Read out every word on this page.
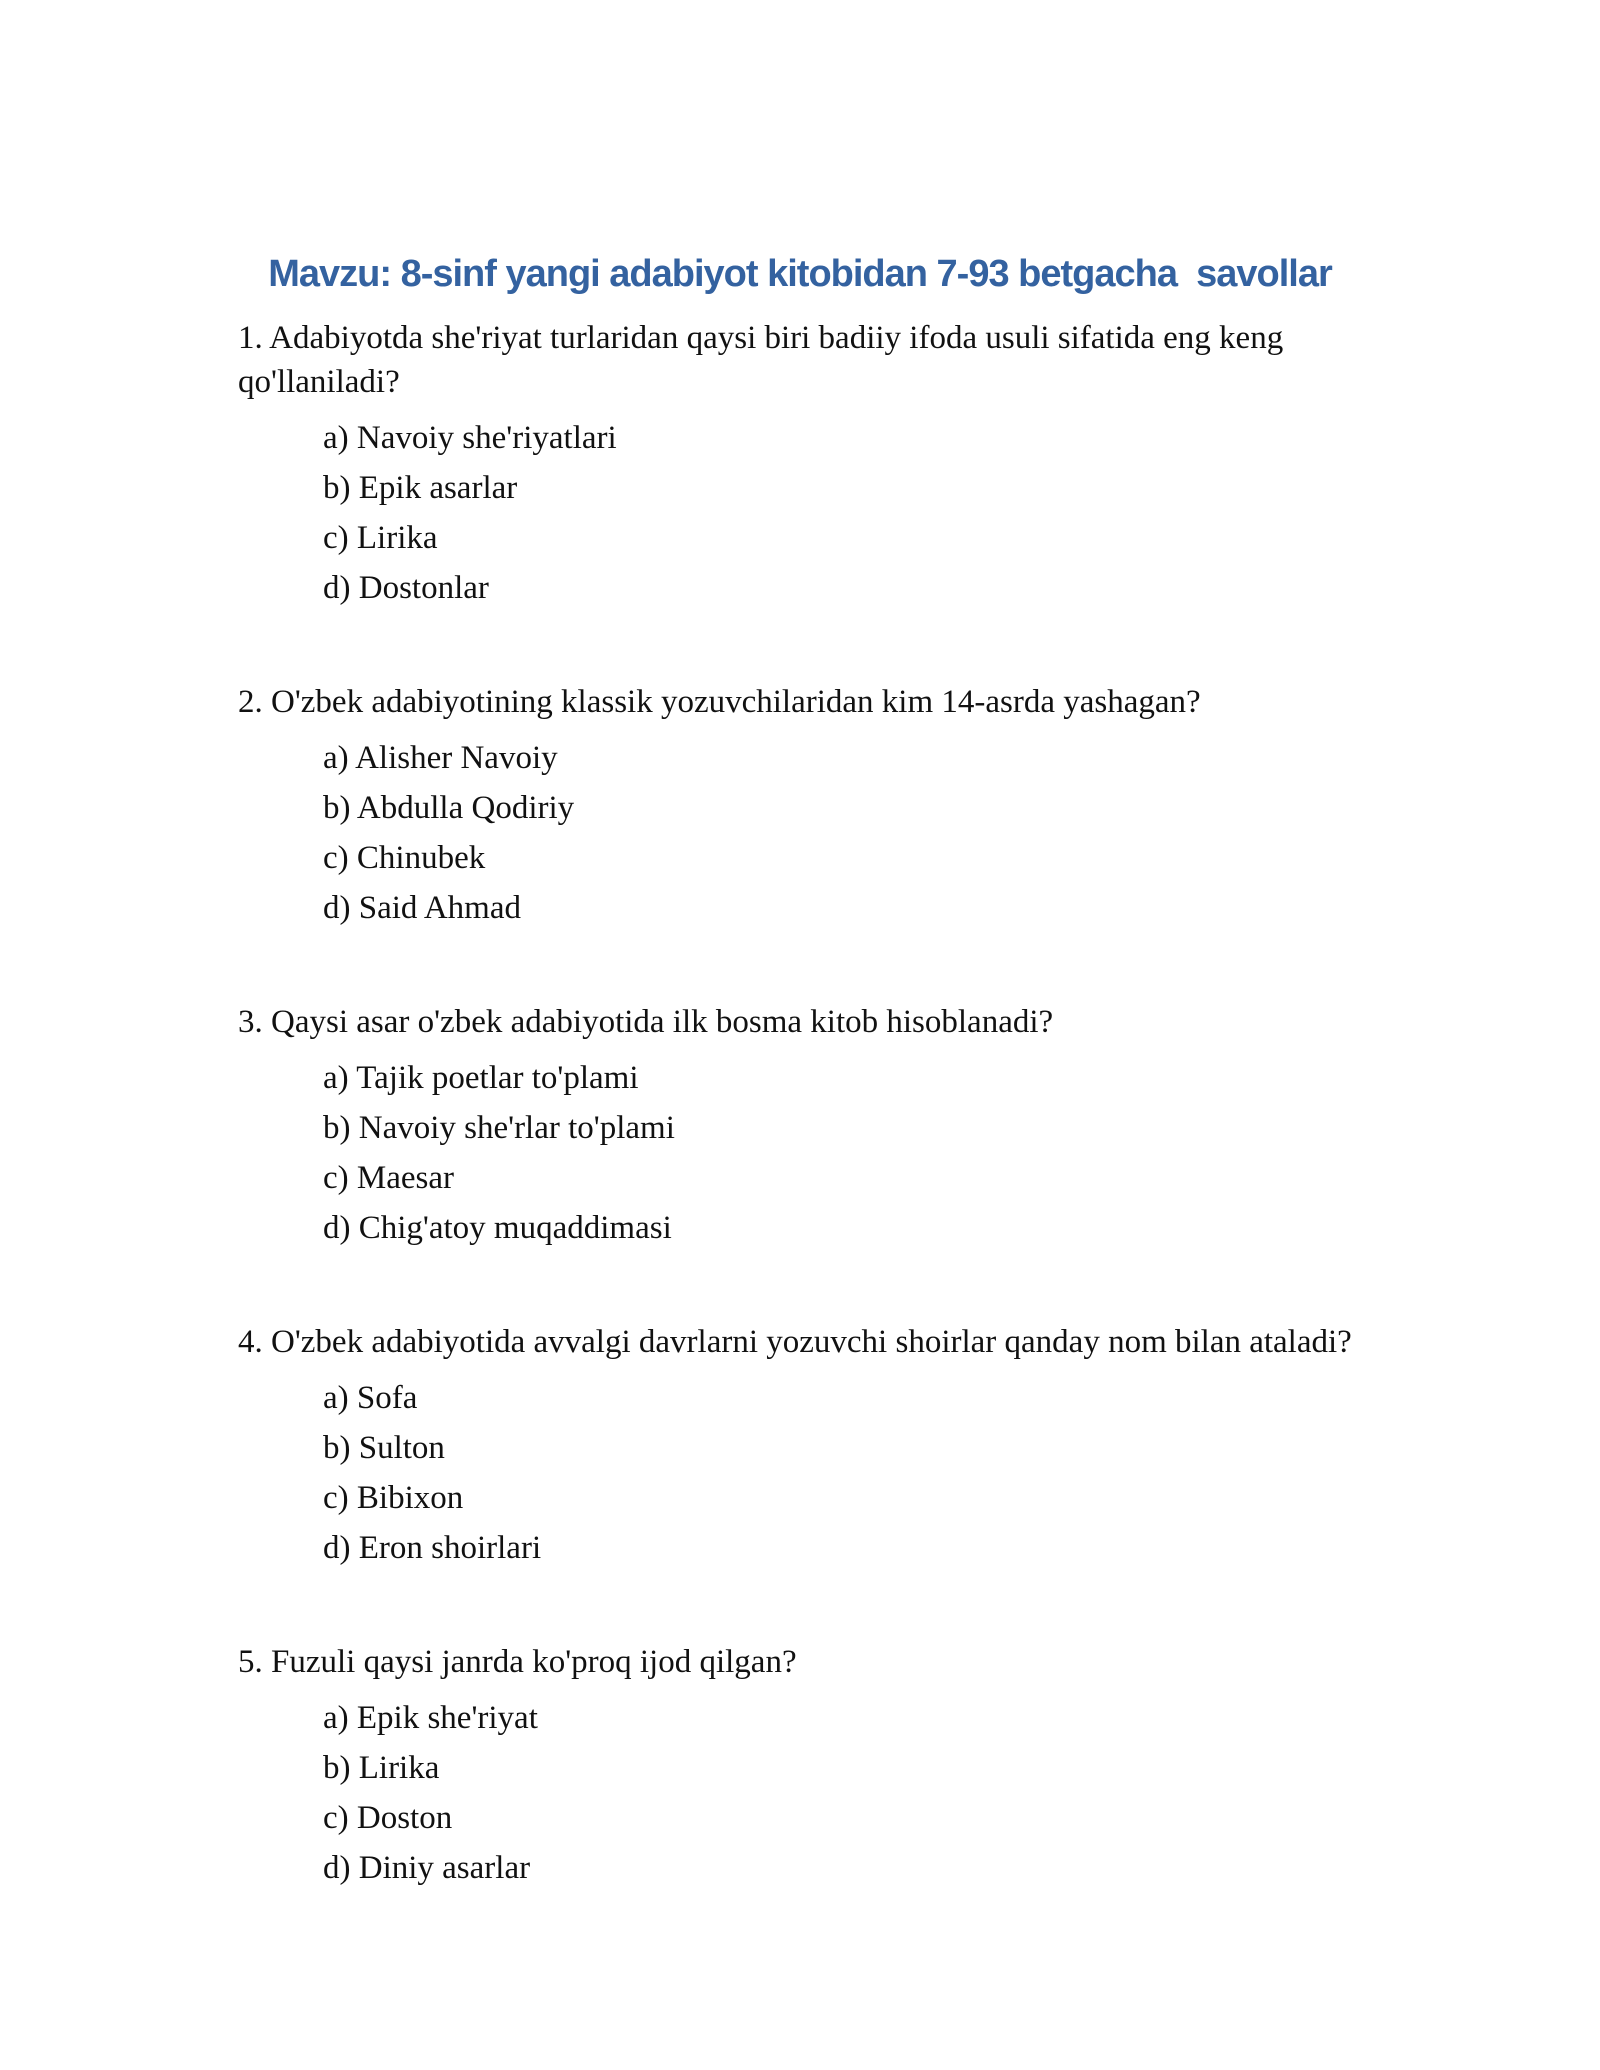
Mavzu: 8-sinf yangi adabiyot kitobidan 7-93 betgacha  savollar

1. Adabiyotda she'riyat turlaridan qaysi biri badiiy ifoda usuli sifatida eng keng qo'llaniladi?

a) Navoiy she'riyatlari

b) Epik asarlar

c) Lirika

d) Dostonlar

2. O'zbek adabiyotining klassik yozuvchilaridan kim 14-asrda yashagan?

a) Alisher Navoiy

b) Abdulla Qodiriy

c) Chinubek

d) Said Ahmad

3. Qaysi asar o'zbek adabiyotida ilk bosma kitob hisoblanadi?

a) Tajik poetlar to'plami

b) Navoiy she'rlar to'plami

c) Maesar

d) Chig'atoy muqaddimasi

4. O'zbek adabiyotida avvalgi davrlarni yozuvchi shoirlar qanday nom bilan ataladi?

a) Sofa

b) Sulton

c) Bibixon

d) Eron shoirlari

5. Fuzuli qaysi janrda ko'proq ijod qilgan?

a) Epik she'riyat

b) Lirika

c) Doston

d) Diniy asarlar
